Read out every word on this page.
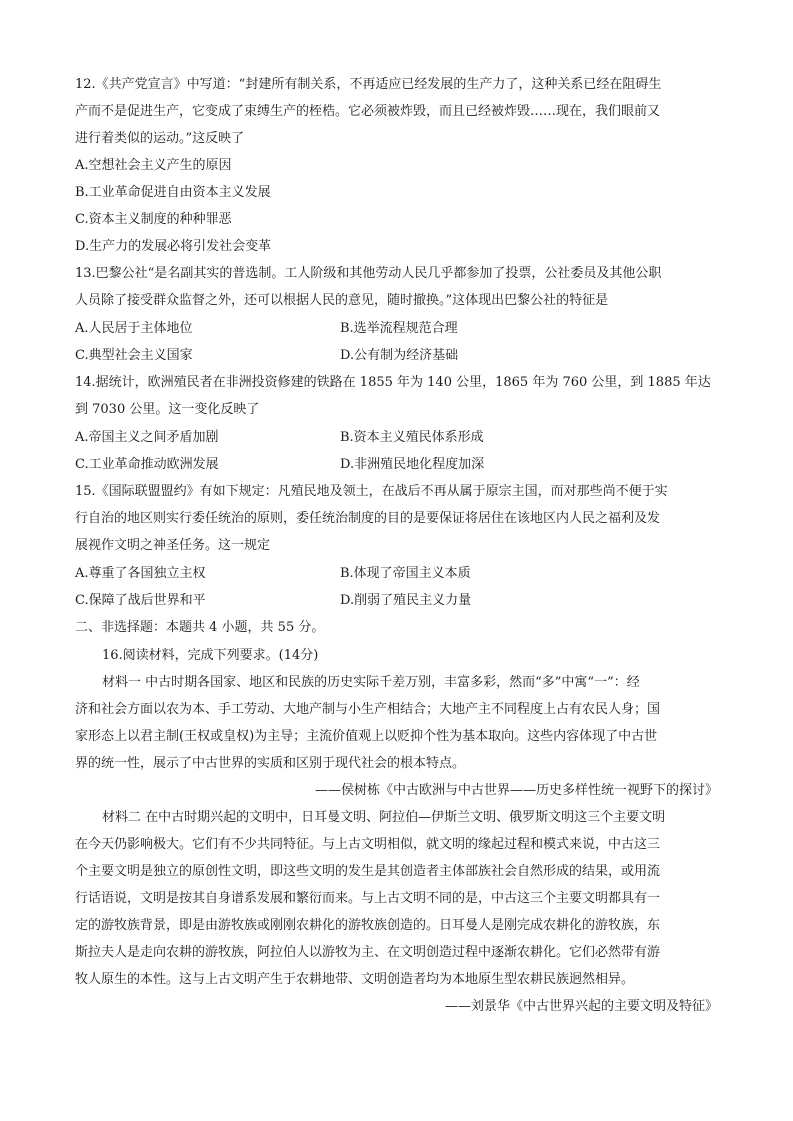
12.《共产党宣言》中写道：“封建所有制关系，不再适应已经发展的生产力了，这种关系已经在阻碍生
产而不是促进生产，它变成了束缚生产的桎梏。它必须被炸毁，而且已经被炸毁……现在，我们眼前又
进行着类似的运动。”这反映了
A.空想社会主义产生的原因
B.工业革命促进自由资本主义发展
C.资本主义制度的种种罪恶
D.生产力的发展必将引发社会变革
13.巴黎公社“是名副其实的普选制。工人阶级和其他劳动人民几乎都参加了投票，公社委员及其他公职
人员除了接受群众监督之外，还可以根据人民的意见，随时撤换。”这体现出巴黎公社的特征是
A.人民居于主体地位	B.选举流程规范合理
C.典型社会主义国家	D.公有制为经济基础
14.据统计，欧洲殖民者在非洲投资修建的铁路在 1855 年为 140 公里，1865 年为 760 公里，到 1885 年达
到 7030 公里。这一变化反映了
A.帝国主义之间矛盾加剧	B.资本主义殖民体系形成
C.工业革命推动欧洲发展	D.非洲殖民地化程度加深
15.《国际联盟盟约》有如下规定：凡殖民地及领土，在战后不再从属于原宗主国，而对那些尚不便于实
行自治的地区则实行委任统治的原则，委任统治制度的目的是要保证将居住在该地区内人民之福利及发
展视作文明之神圣任务。这一规定
A.尊重了各国独立主权	B.体现了帝国主义本质
C.保障了战后世界和平	D.削弱了殖民主义力量
二、非选择题：本题共 4 小题，共 55 分。
16.阅读材料，完成下列要求。(14分)
材料一 中古时期各国家、地区和民族的历史实际千差万别，丰富多彩，然而“多”中寓“一”：经
济和社会方面以农为本、手工劳动、大地产制与小生产相结合；大地产主不同程度上占有农民人身；国
家形态上以君主制(王权或皇权)为主导；主流价值观上以贬抑个性为基本取向。这些内容体现了中古世
界的统一性，展示了中古世界的实质和区别于现代社会的根本特点。
——侯树栋《中古欧洲与中古世界——历史多样性统一视野下的探讨》
材料二 在中古时期兴起的文明中，日耳曼文明、阿拉伯—伊斯兰文明、俄罗斯文明这三个主要文明
在今天仍影响极大。它们有不少共同特征。与上古文明相似，就文明的缘起过程和模式来说，中古这三
个主要文明是独立的原创性文明，即这些文明的发生是其创造者主体部族社会自然形成的结果，或用流
行话语说，文明是按其自身谱系发展和繁衍而来。与上古文明不同的是，中古这三个主要文明都具有一
定的游牧族背景，即是由游牧族或刚刚农耕化的游牧族创造的。日耳曼人是刚完成农耕化的游牧族，东
斯拉夫人是走向农耕的游牧族，阿拉伯人以游牧为主、在文明创造过程中逐渐农耕化。它们必然带有游
牧人原生的本性。这与上古文明产生于农耕地带、文明创造者均为本地原生型农耕民族迥然相异。
——刘景华《中古世界兴起的主要文明及特征》
